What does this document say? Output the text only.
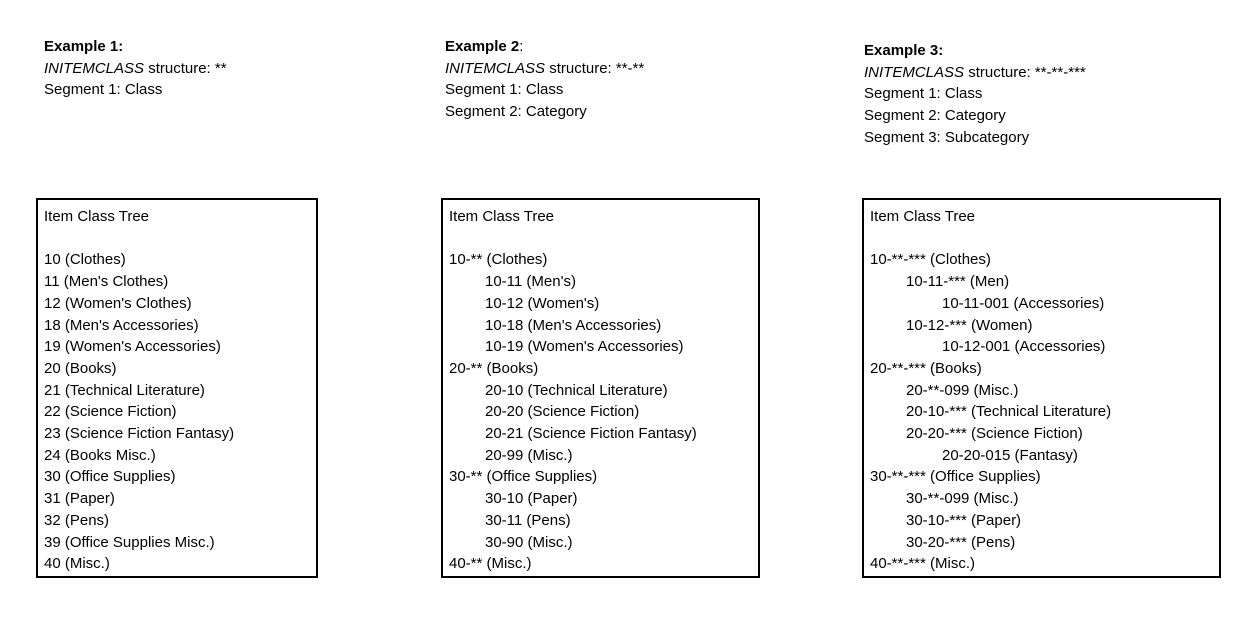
Example 1:
INITEMCLASS structure: **
Segment 1: Class
Item Class Tree
10 (Clothes)
11 (Men's Clothes)
12 (Women's Clothes)
18 (Men's Accessories)
19 (Women's Accessories)
20 (Books)
21 (Technical Literature)
22 (Science Fiction)
23 (Science Fiction Fantasy)
24 (Books Misc.)
30 (Office Supplies)
31 (Paper)
32 (Pens)
39 (Office Supplies Misc.)
40 (Misc.)
Example 2:
INITEMCLASS structure: **-**
Segment 1: Class
Segment 2: Category
Item Class Tree
10-** (Clothes)
10-11 (Men's)
10-12 (Women's)
10-18 (Men's Accessories)
10-19 (Women's Accessories)
20-** (Books)
20-10 (Technical Literature)
20-20 (Science Fiction)
20-21 (Science Fiction Fantasy)
20-99 (Misc.)
30-** (Office Supplies)
30-10 (Paper)
30-11 (Pens)
30-90 (Misc.)
40-** (Misc.)
Example 3:
INITEMCLASS structure: **-**-***
Segment 1: Class
Segment 2: Category
Segment 3: Subcategory
Item Class Tree
10-**-*** (Clothes)
10-11-*** (Men)
10-11-001 (Accessories)
10-12-*** (Women)
10-12-001 (Accessories)
20-**-*** (Books)
20-**-099 (Misc.)
20-10-*** (Technical Literature)
20-20-*** (Science Fiction)
20-20-015 (Fantasy)
30-**-*** (Office Supplies)
30-**-099 (Misc.)
30-10-*** (Paper)
30-20-*** (Pens)
40-**-*** (Misc.)
